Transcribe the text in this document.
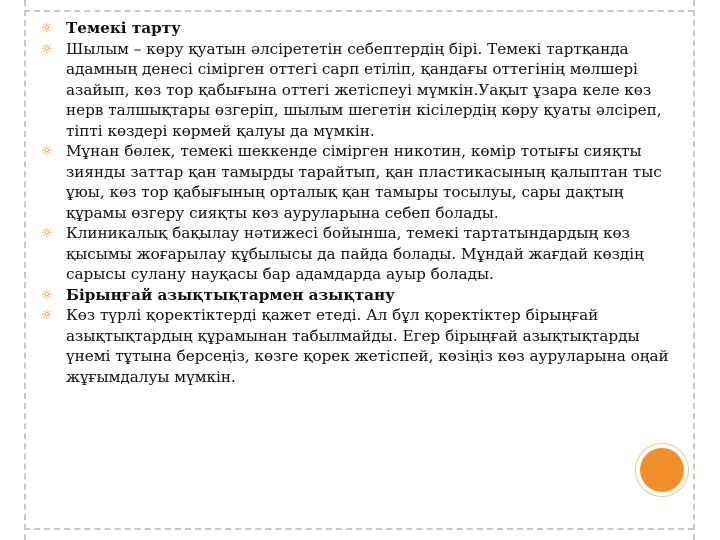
☼ Темекі тарту

☼ Шылым – көру қуатын әлсірететін себептердің бірі. Темекі тартқанда адамның денесі сімірген оттегі сарп етіліп, қандағы оттегінің мөлшері азайып, көз тор қабығына оттегі жетіспеуі мүмкін.Уақыт ұзара келе көз нерв талшықтары өзгеріп, шылым шегетін кісілердің көру қуаты әлсіреп, тіпті көздері көрмей қалуы да мүмкін.

☼ Мұнан бөлек, темекі шеккенде сімірген никотин, көмір тотығы сияқты зиянды заттар қан тамырды тарайтып, қан пластикасының қалыптан тыс ұюы, көз тор қабығының орталық қан тамыры тосылуы, сары дақтың құрамы өзгеру сияқты көз ауруларына себеп болады.

☼ Клиникалық бақылау нәтижесі бойынша, темекі тартатындардың көз қысымы жоғарылау құбылысы да пайда болады. Мұндай жағдай көздің сарысы сулану науқасы бар адамдарда ауыр болады.

☼ Бірыңғай азықтықтармен азықтану

☼ Көз түрлі қоректіктерді қажет етеді. Ал бұл қоректіктер бірыңғай азықтықтардың құрамынан табылмайды. Егер бірыңғай азықтықтарды үнемі тұтына берсеңіз, көзге қорек жетіспей, көзіңіз көз ауруларына оңай жұғымдалуы мүмкін.
